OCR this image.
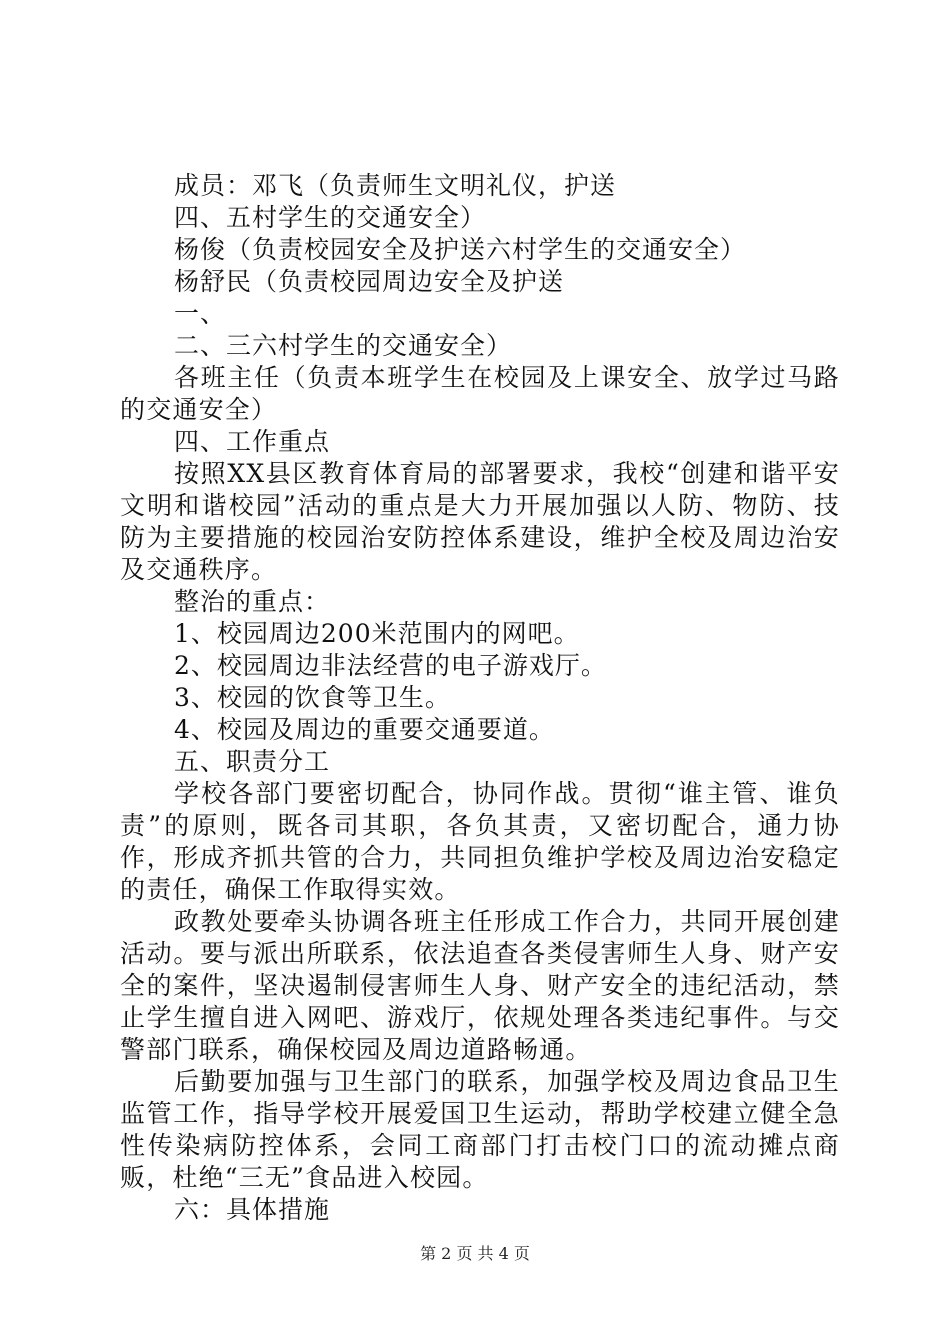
成员：邓飞（负责师生文明礼仪，护送
四、五村学生的交通安全）
杨俊（负责校园安全及护送六村学生的交通安全）
杨舒民（负责校园周边安全及护送
一、
二、三六村学生的交通安全）

各班主任（负责本班学生在校园及上课安全、放学过马路的交通安全）

四、工作重点

按照XX县区教育体育局的部署要求，我校“创建和谐平安文明和谐校园”活动的重点是大力开展加强以人防、物防、技防为主要措施的校园治安防控体系建设，维护全校及周边治安及交通秩序。

整治的重点：
1、校园周边200米范围内的网吧。
2、校园周边非法经营的电子游戏厅。
3、校园的饮食等卫生。
4、校园及周边的重要交通要道。
五、职责分工

学校各部门要密切配合，协同作战。贯彻“谁主管、谁负责”的原则，既各司其职，各负其责，又密切配合，通力协作，形成齐抓共管的合力，共同担负维护学校及周边治安稳定的责任，确保工作取得实效。

政教处要牵头协调各班主任形成工作合力，共同开展创建活动。要与派出所联系，依法追查各类侵害师生人身、财产安全的案件，坚决遏制侵害师生人身、财产安全的违纪活动，禁止学生擅自进入网吧、游戏厅，依规处理各类违纪事件。与交警部门联系，确保校园及周边道路畅通。

后勤要加强与卫生部门的联系，加强学校及周边食品卫生监管工作，指导学校开展爱国卫生运动，帮助学校建立健全急性传染病防控体系，会同工商部门打击校门口的流动摊点商贩，杜绝“三无”食品进入校园。

六：具体措施
第 2 页 共 4 页
